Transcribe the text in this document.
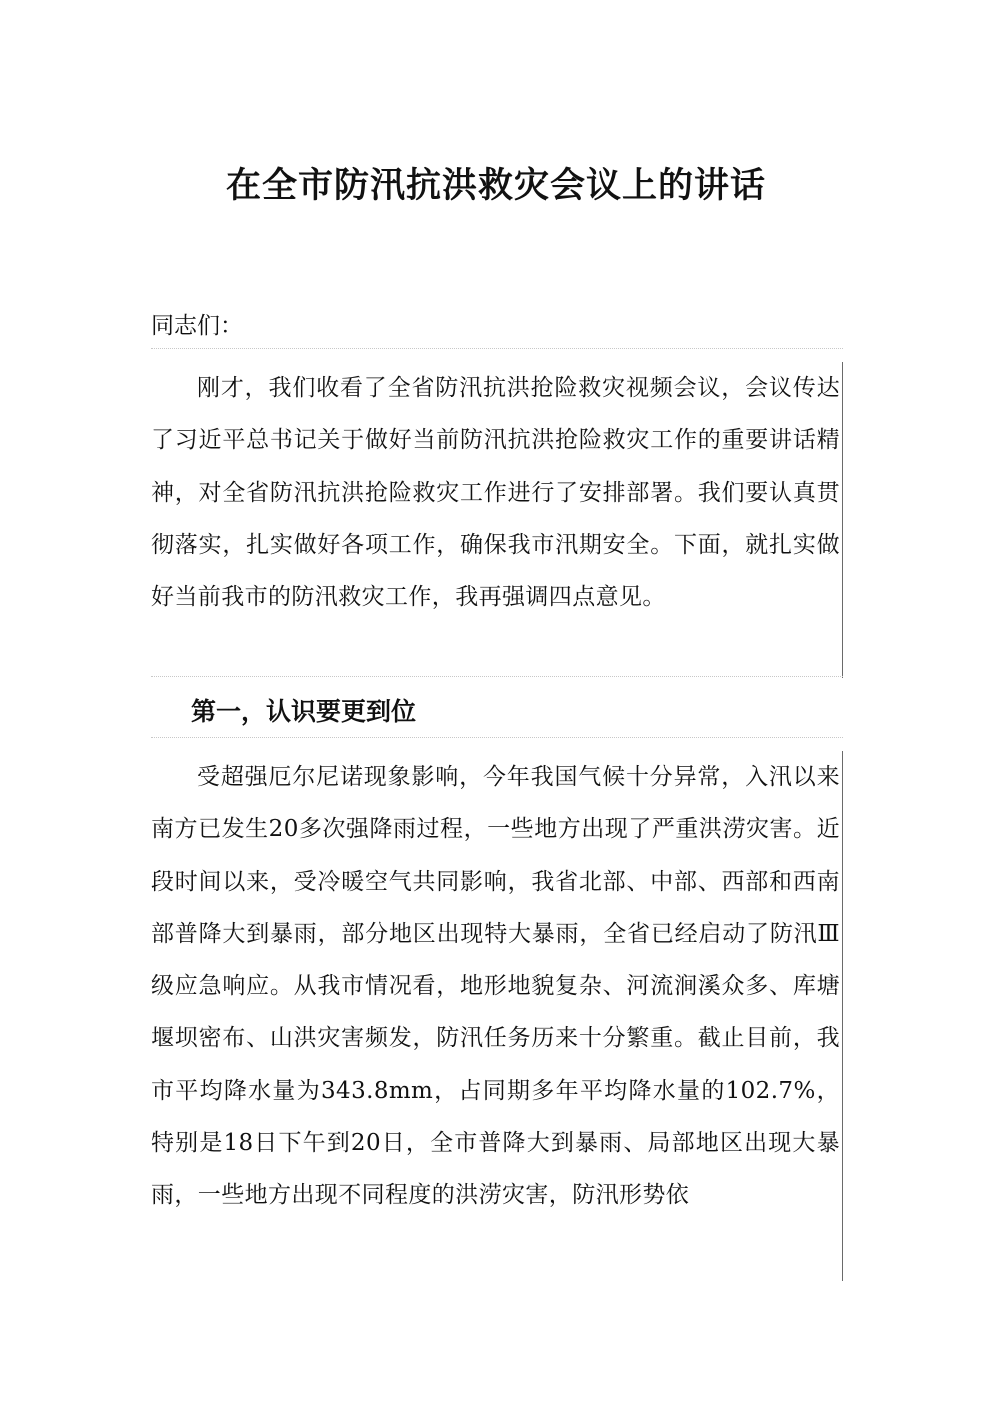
在全市防汛抗洪救灾会议上的讲话
同志们：

刚才，我们收看了全省防汛抗洪抢险救灾视频会议，会议传达了习近平总书记关于做好当前防汛抗洪抢险救灾工作的重要讲话精神，对全省防汛抗洪抢险救灾工作进行了安排部署。我们要认真贯彻落实，扎实做好各项工作，确保我市汛期安全。下面，就扎实做好当前我市的防汛救灾工作，我再强调四点意见。

第一，认识要更到位

受超强厄尔尼诺现象影响，今年我国气候十分异常，入汛以来南方已发生20多次强降雨过程，一些地方出现了严重洪涝灾害。近段时间以来，受冷暖空气共同影响，我省北部、中部、西部和西南部普降大到暴雨，部分地区出现特大暴雨，全省已经启动了防汛Ⅲ级应急响应。从我市情况看，地形地貌复杂、河流涧溪众多、库塘堰坝密布、山洪灾害频发，防汛任务历来十分繁重。截止目前，我市平均降水量为343.8mm，占同期多年平均降水量的102.7%，特别是18日下午到20日，全市普降大到暴雨、局部地区出现大暴雨，一些地方出现不同程度的洪涝灾害，防汛形势依
